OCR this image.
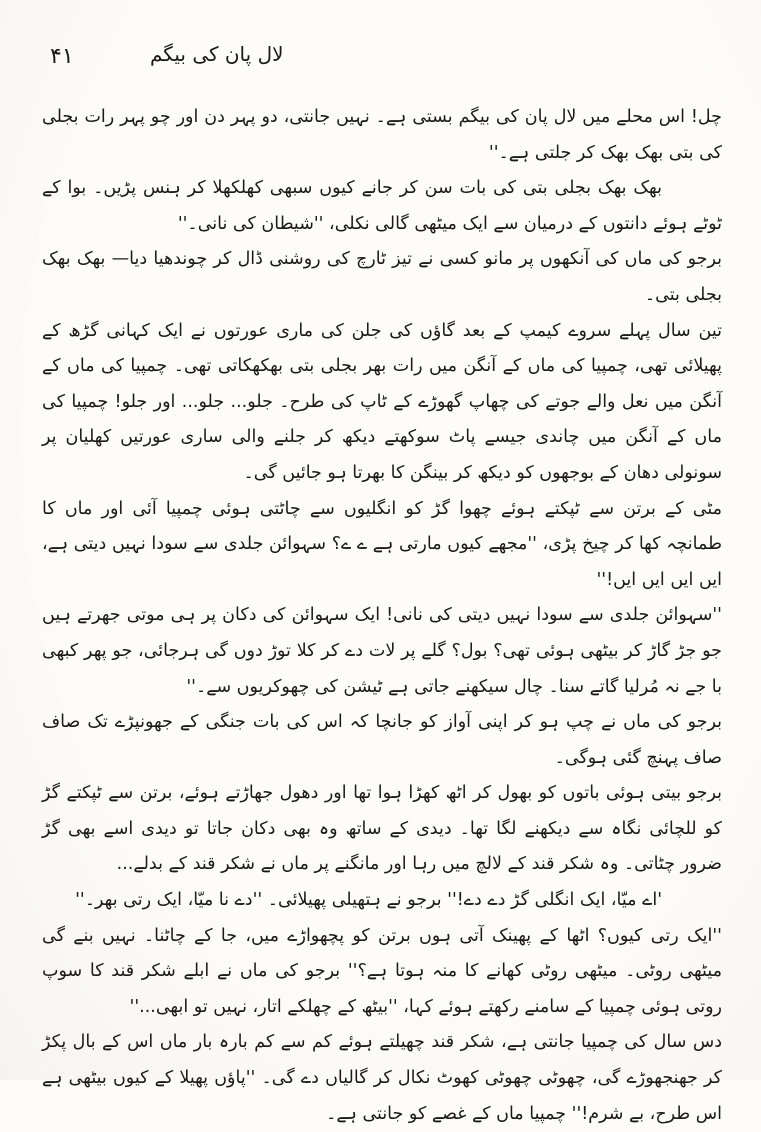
۴۱	لال پان کی بیگم

چل! اس محلے میں لال پان کی بیگم بستی ہے۔ نہیں جانتی، دو پہر دن اور چو پہر رات بجلی کی بتی بھک بھک کر جلتی ہے۔''

بھک بھک بجلی بتی کی بات سن کر جانے کیوں سبھی کھلکھلا کر ہنس پڑیں۔ بوا کے ٹوٹے ہوئے دانتوں کے درمیان سے ایک میٹھی گالی نکلی، ''شیطان کی نانی۔''

برجو کی ماں کی آنکھوں پر مانو کسی نے تیز ٹارچ کی روشنی ڈال کر چوندھیا دیا— بھک بھک بجلی بتی۔

تین سال پہلے سروے کیمپ کے بعد گاؤں کی جلن کی ماری عورتوں نے ایک کہانی گڑھ کے پھیلائی تھی، چمپیا کی ماں کے آنگن میں رات بھر بجلی بتی بھکھکاتی تھی۔ چمپیا کی ماں کے آنگن میں نعل والے جوتے کی چھاپ گھوڑے کے ٹاپ کی طرح۔ جلو... جلو... اور جلو! چمپیا کی ماں کے آنگن میں چاندی جیسے پاٹ سوکھتے دیکھ کر جلنے والی ساری عورتیں کھلیان پر سونولی دھان کے بوجھوں کو دیکھ کر بینگن کا بھرتا ہو جائیں گی۔

مٹی کے برتن سے ٹپکتے ہوئے چھوا گڑ کو انگلیوں سے چاٹتی ہوئی چمپیا آئی اور ماں کا طمانچہ کھا کر چیخ پڑی، ''مجھے کیوں مارتی ہے ے ے؟ سہوائن جلدی سے سودا نہیں دیتی ہے، ایں ایں ایں ایں!''

''سہوائن جلدی سے سودا نہیں دیتی کی نانی! ایک سہوائن کی دکان پر ہی موتی جھرتے ہیں جو جڑ گاڑ کر بیٹھی ہوئی تھی؟ بول؟ گلے پر لات دے کر کلا توڑ دوں گی ہرجائی، جو پھر کبھی با جے نہ مُرلیا گاتے سنا۔ چال سیکھنے جاتی ہے ٹیشن کی چھوکریوں سے۔''

برجو کی ماں نے چپ ہو کر اپنی آواز کو جانچا کہ اس کی بات جنگی کے جھونپڑے تک صاف صاف پہنچ گئی ہوگی۔

برجو بیتی ہوئی باتوں کو بھول کر اٹھ کھڑا ہوا تھا اور دھول جھاڑتے ہوئے، برتن سے ٹپکتے گڑ کو للچائی نگاہ سے دیکھنے لگا تھا۔ دیدی کے ساتھ وہ بھی دکان جاتا تو دیدی اسے بھی گڑ ضرور چٹاتی۔ وہ شکر قند کے لالچ میں رہا اور مانگنے پر ماں نے شکر قند کے بدلے...

'اے میّا، ایک انگلی گڑ دے دے!'' برجو نے ہتھیلی پھیلائی۔ ''دے نا میّا، ایک رتی بھر۔''

''ایک رتی کیوں؟ اٹھا کے پھینک آتی ہوں برتن کو پچھواڑے میں، جا کے چاٹنا۔ نہیں بنے گی میٹھی روٹی۔ میٹھی روٹی کھانے کا منہ ہوتا ہے؟'' برجو کی ماں نے ابلے شکر قند کا سوپ روتی ہوئی چمپیا کے سامنے رکھتے ہوئے کہا، ''بیٹھ کے چھلکے اتار، نہیں تو ابھی...''

دس سال کی چمپیا جانتی ہے، شکر قند چھیلتے ہوئے کم سے کم بارہ بار ماں اس کے بال پکڑ کر جھنجھوڑے گی، چھوٹی چھوٹی کھوٹ نکال کر گالیاں دے گی۔ ''پاؤں پھیلا کے کیوں بیٹھی ہے اس طرح، بے شرم!'' چمپیا ماں کے غصے کو جانتی ہے۔
